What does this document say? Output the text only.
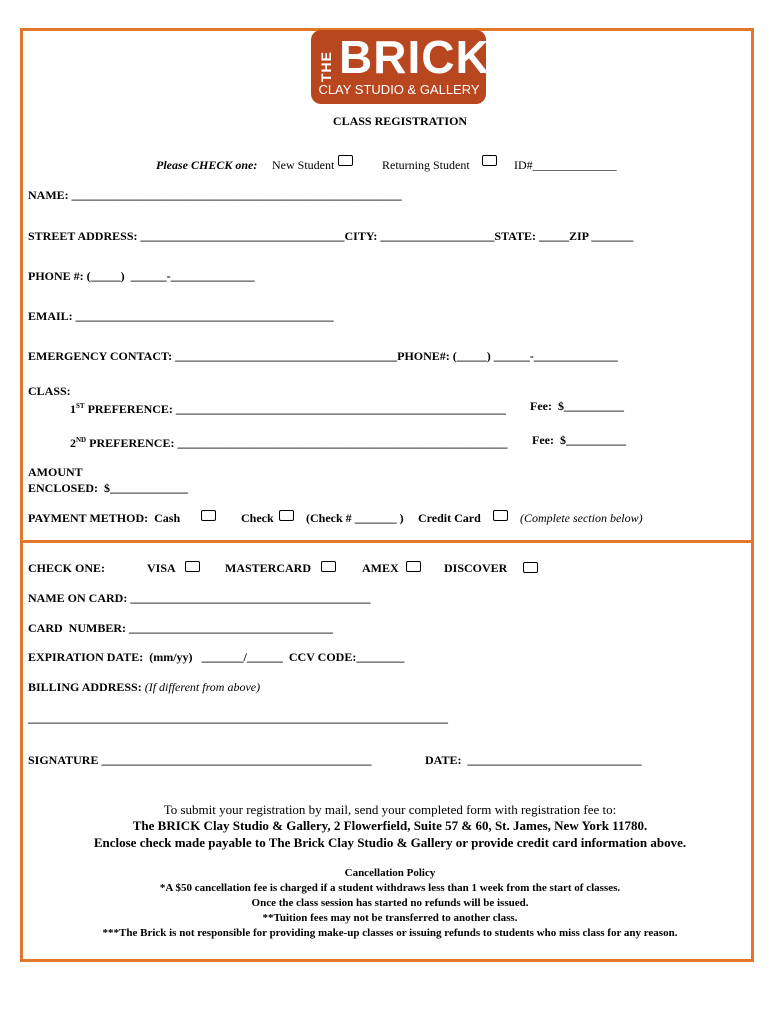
THE BRICK
CLAY STUDIO & GALLERY
CLASS REGISTRATION
Please CHECK one: New Student	Returning Student	ID#______________
NAME: _______________________________________________________
STREET ADDRESS: __________________________________CITY: ___________________STATE: _____ZIP _______
PHONE #: (_____)  ______-______________
EMAIL: ___________________________________________
EMERGENCY CONTACT: _____________________________________PHONE#: (_____) ______-______________
CLASS:
1ST PREFERENCE: _______________________________________________________ Fee:  $__________
2ND PREFERENCE: _______________________________________________________ Fee:  $__________
AMOUNT
ENCLOSED:  $_____________
PAYMENT METHOD:  Cash	Check	(Check # _______ ) Credit Card	(Complete section below)
CHECK ONE:	VISA	MASTERCARD	AMEX	DISCOVER
NAME ON CARD: ________________________________________
CARD  NUMBER: __________________________________
EXPIRATION DATE:  (mm/yy)   _______/______  CCV CODE:________
BILLING ADDRESS: (If different from above)
______________________________________________________________________
SIGNATURE _____________________________________________	DATE:  _____________________________
To submit your registration by mail, send your completed form with registration fee to:
The BRICK Clay Studio & Gallery, 2 Flowerfield, Suite 57 & 60, St. James, New York 11780.
Enclose check made payable to The Brick Clay Studio & Gallery or provide credit card information above.
Cancellation Policy
*A $50 cancellation fee is charged if a student withdraws less than 1 week from the start of classes.
Once the class session has started no refunds will be issued.
**Tuition fees may not be transferred to another class.
***The Brick is not responsible for providing make-up classes or issuing refunds to students who miss class for any reason.
